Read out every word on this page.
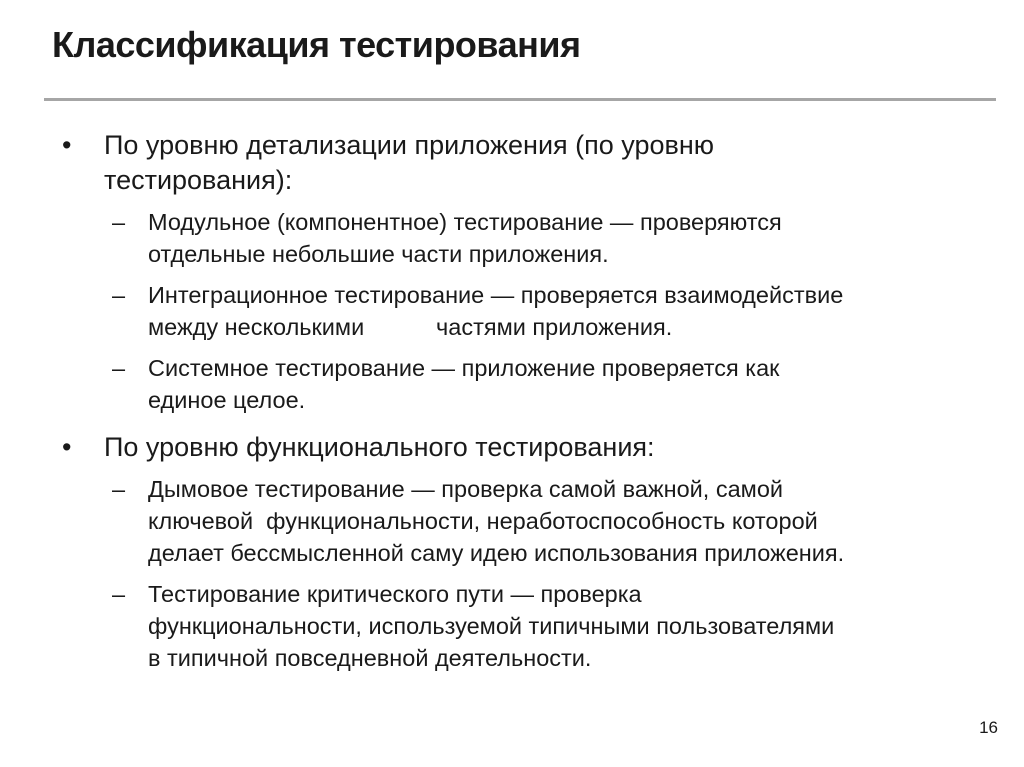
Классификация тестирования
•	По уровню детализации приложения (по уровню тестирования):
– Модульное (компонентное) тестирование — проверяются отдельные небольшие части приложения.
– Интеграционное тестирование — проверяется взаимодействие между несколькими           частями приложения.
– Системное тестирование — приложение проверяется как единое целое.
•	По уровню функционального тестирования:
– Дымовое тестирование — проверка самой важной, самой ключевой  функциональности, неработоспособность которой делает бессмысленной саму идею использования приложения.
– Тестирование критического пути — проверка функциональности, используемой типичными пользователями в типичной повседневной деятельности.
16
